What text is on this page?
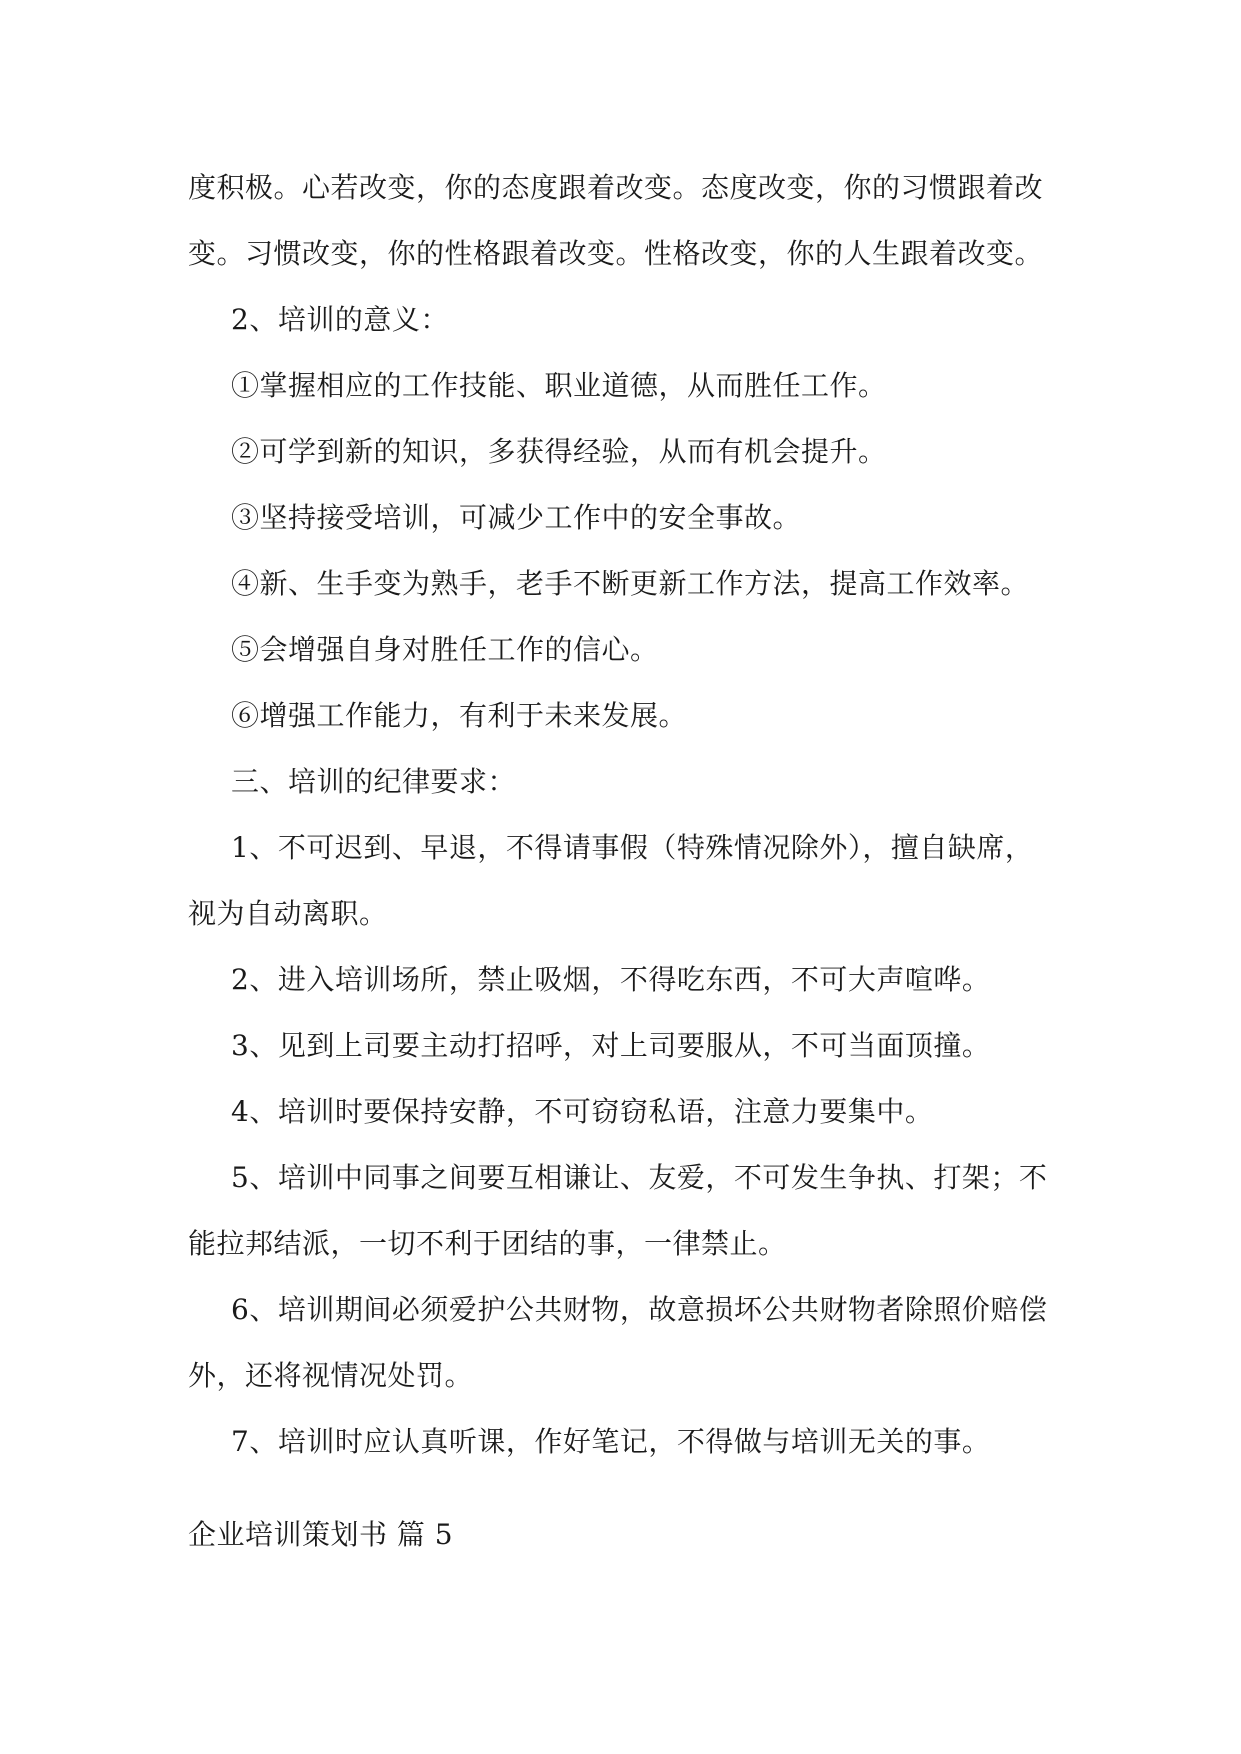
度积极。心若改变，你的态度跟着改变。态度改变，你的习惯跟着改
变。习惯改变，你的性格跟着改变。性格改变，你的人生跟着改变。
2、培训的意义：
①掌握相应的工作技能、职业道德，从而胜任工作。
②可学到新的知识，多获得经验，从而有机会提升。
③坚持接受培训，可减少工作中的安全事故。
④新、生手变为熟手，老手不断更新工作方法，提高工作效率。
⑤会增强自身对胜任工作的信心。
⑥增强工作能力，有利于未来发展。
三、培训的纪律要求：
1、不可迟到、早退，不得请事假（特殊情况除外），擅自缺席，
视为自动离职。
2、进入培训场所，禁止吸烟，不得吃东西，不可大声喧哗。
3、见到上司要主动打招呼，对上司要服从，不可当面顶撞。
4、培训时要保持安静，不可窃窃私语，注意力要集中。
5、培训中同事之间要互相谦让、友爱，不可发生争执、打架；不
能拉邦结派，一切不利于团结的事，一律禁止。
6、培训期间必须爱护公共财物，故意损坏公共财物者除照价赔偿
外，还将视情况处罚。
7、培训时应认真听课，作好笔记，不得做与培训无关的事。
企业培训策划书 篇 5
